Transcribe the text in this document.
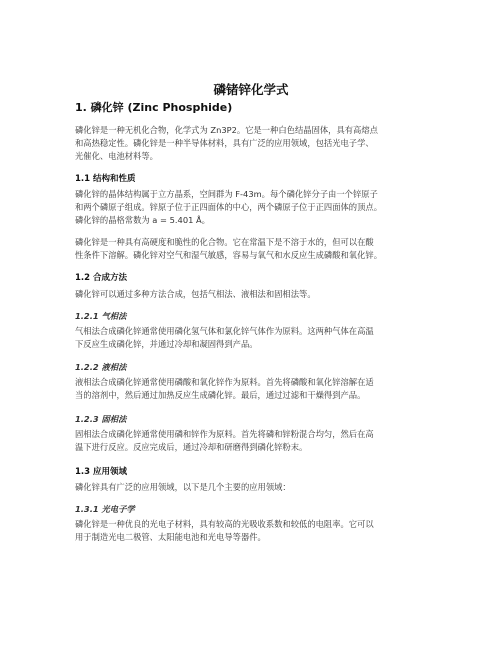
磷锗锌化学式
1. 磷化锌 (Zinc Phosphide)

磷化锌是一种无机化合物，化学式为 Zn3P2。它是一种白色结晶固体，具有高熔点
和高热稳定性。磷化锌是一种半导体材料，具有广泛的应用领域，包括光电子学、
光催化、电池材料等。

1.1 结构和性质

磷化锌的晶体结构属于立方晶系，空间群为 F-43m。每个磷化锌分子由一个锌原子
和两个磷原子组成。锌原子位于正四面体的中心，两个磷原子位于正四面体的顶点。
磷化锌的晶格常数为 a = 5.401 Å。

磷化锌是一种具有高硬度和脆性的化合物。它在常温下是不溶于水的，但可以在酸
性条件下溶解。磷化锌对空气和湿气敏感，容易与氧气和水反应生成磷酸和氧化锌。

1.2 合成方法

磷化锌可以通过多种方法合成，包括气相法、液相法和固相法等。

1.2.1 气相法

气相法合成磷化锌通常使用磷化氢气体和氯化锌气体作为原料。这两种气体在高温
下反应生成磷化锌，并通过冷却和凝固得到产品。

1.2.2 液相法

液相法合成磷化锌通常使用磷酸和氧化锌作为原料。首先将磷酸和氧化锌溶解在适
当的溶剂中，然后通过加热反应生成磷化锌。最后，通过过滤和干燥得到产品。

1.2.3 固相法

固相法合成磷化锌通常使用磷和锌作为原料。首先将磷和锌粉混合均匀，然后在高
温下进行反应。反应完成后，通过冷却和研磨得到磷化锌粉末。

1.3 应用领域

磷化锌具有广泛的应用领域，以下是几个主要的应用领域：

1.3.1 光电子学

磷化锌是一种优良的光电子材料，具有较高的光吸收系数和较低的电阻率。它可以
用于制造光电二极管、太阳能电池和光电导等器件。
